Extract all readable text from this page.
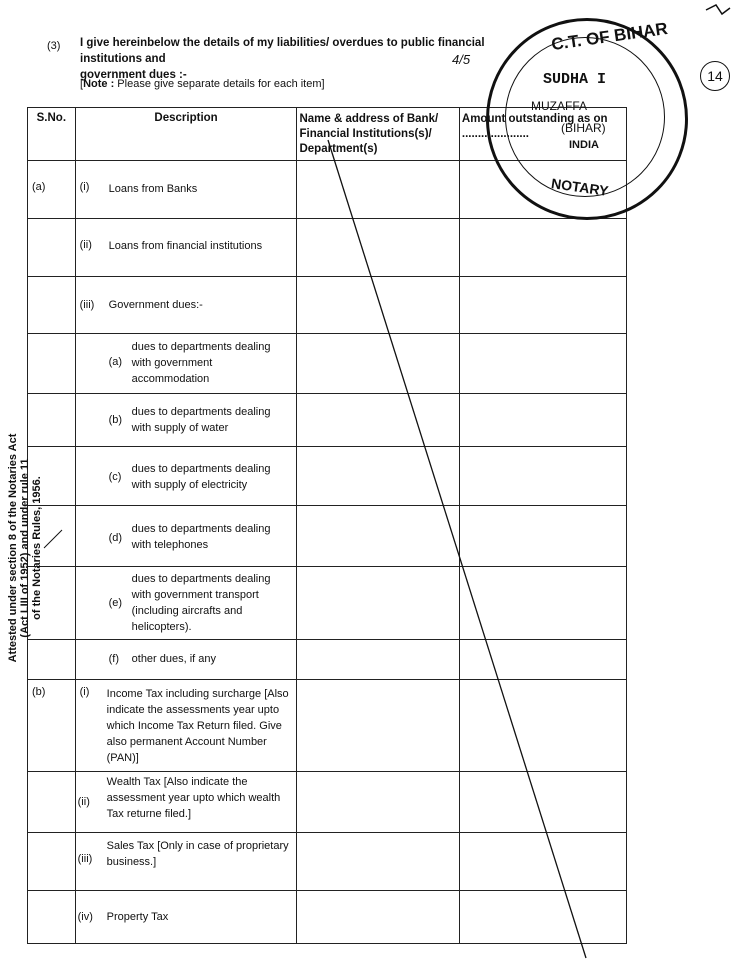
(3) I give hereinbelow the details of my liabilities/ overdues to public financial institutions and
government dues :-
[Note : Please give separate details for each item]
4/5
14
S.No.	Description	Name & address of Bank/ Financial Institutions(s)/ Department(s)	Amount outstanding as on .....................

(a)	(i) Loans from Banks		

	(ii) Loans from financial institutions		

	(iii) Government dues:-		

	(a)
dues to departments dealing with government accommodation		

	(b)
dues to departments dealing with supply of water		

	(c)
dues to departments dealing with supply of electricity		

	(d)
dues to departments dealing with telephones		

	(e)
dues to departments dealing with government transport (including aircrafts and helicopters).		

	(f) other dues, if any		

(b)	(i) Income Tax including surcharge [Also indicate the assessments year upto which Income Tax Return filed. Give also permanent Account Number (PAN)]		

	(ii)
Wealth Tax [Also indicate the assessment year upto which wealth Tax returne filed.]		

	(iii)
Sales Tax [Only in case of proprietary business.]		

	(iv) Property Tax		

C.T. OF BIHAR
SUDHA I
MUZAFFA
(BIHAR)
INDIA
NOTARY
Attested under section 8 of the Notaries Act (Act LIII of 1952) and under rule 11 of the Notaries Rules, 1956.
